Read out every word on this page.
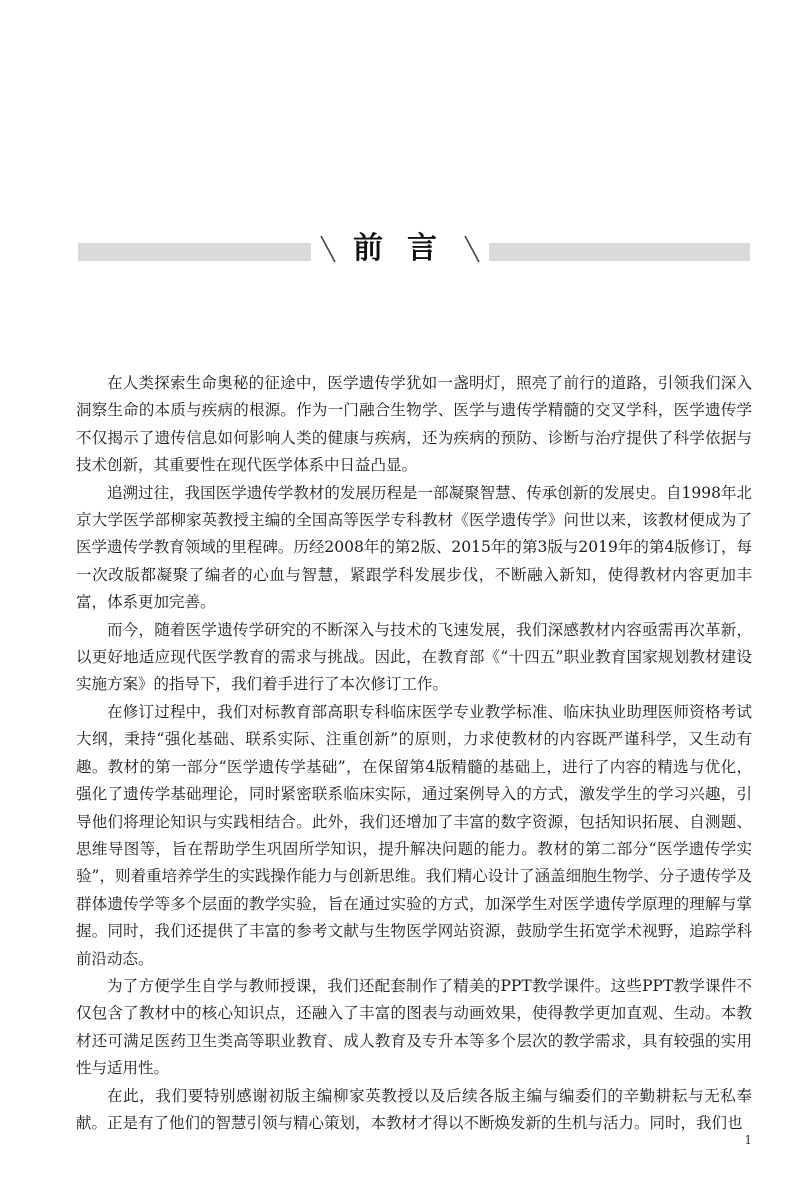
前言

在人类探索生命奥秘的征途中，医学遗传学犹如一盏明灯，照亮了前行的道路，引领我们深入洞察生命的本质与疾病的根源。作为一门融合生物学、医学与遗传学精髓的交叉学科，医学遗传学不仅揭示了遗传信息如何影响人类的健康与疾病，还为疾病的预防、诊断与治疗提供了科学依据与技术创新，其重要性在现代医学体系中日益凸显。

追溯过往，我国医学遗传学教材的发展历程是一部凝聚智慧、传承创新的发展史。自1998年北京大学医学部柳家英教授主编的全国高等医学专科教材《医学遗传学》问世以来，该教材便成为了医学遗传学教育领域的里程碑。历经2008年的第2版、2015年的第3版与2019年的第4版修订，每一次改版都凝聚了编者的心血与智慧，紧跟学科发展步伐，不断融入新知，使得教材内容更加丰富，体系更加完善。

而今，随着医学遗传学研究的不断深入与技术的飞速发展，我们深感教材内容亟需再次革新，以更好地适应现代医学教育的需求与挑战。因此，在教育部《“十四五”职业教育国家规划教材建设实施方案》的指导下，我们着手进行了本次修订工作。

在修订过程中，我们对标教育部高职专科临床医学专业教学标准、临床执业助理医师资格考试大纲，秉持“强化基础、联系实际、注重创新”的原则，力求使教材的内容既严谨科学，又生动有趣。教材的第一部分“医学遗传学基础”，在保留第4版精髓的基础上，进行了内容的精选与优化，强化了遗传学基础理论，同时紧密联系临床实际，通过案例导入的方式，激发学生的学习兴趣，引导他们将理论知识与实践相结合。此外，我们还增加了丰富的数字资源，包括知识拓展、自测题、思维导图等，旨在帮助学生巩固所学知识，提升解决问题的能力。教材的第二部分“医学遗传学实验”，则着重培养学生的实践操作能力与创新思维。我们精心设计了涵盖细胞生物学、分子遗传学及群体遗传学等多个层面的教学实验，旨在通过实验的方式，加深学生对医学遗传学原理的理解与掌握。同时，我们还提供了丰富的参考文献与生物医学网站资源，鼓励学生拓宽学术视野，追踪学科前沿动态。

为了方便学生自学与教师授课，我们还配套制作了精美的PPT教学课件。这些PPT教学课件不仅包含了教材中的核心知识点，还融入了丰富的图表与动画效果，使得教学更加直观、生动。本教材还可满足医药卫生类高等职业教育、成人教育及专升本等多个层次的教学需求，具有较强的实用性与适用性。

在此，我们要特别感谢初版主编柳家英教授以及后续各版主编与编委们的辛勤耕耘与无私奉献。正是有了他们的智慧引领与精心策划，本教材才得以不断焕发新的生机与活力。同时，我们也

1
